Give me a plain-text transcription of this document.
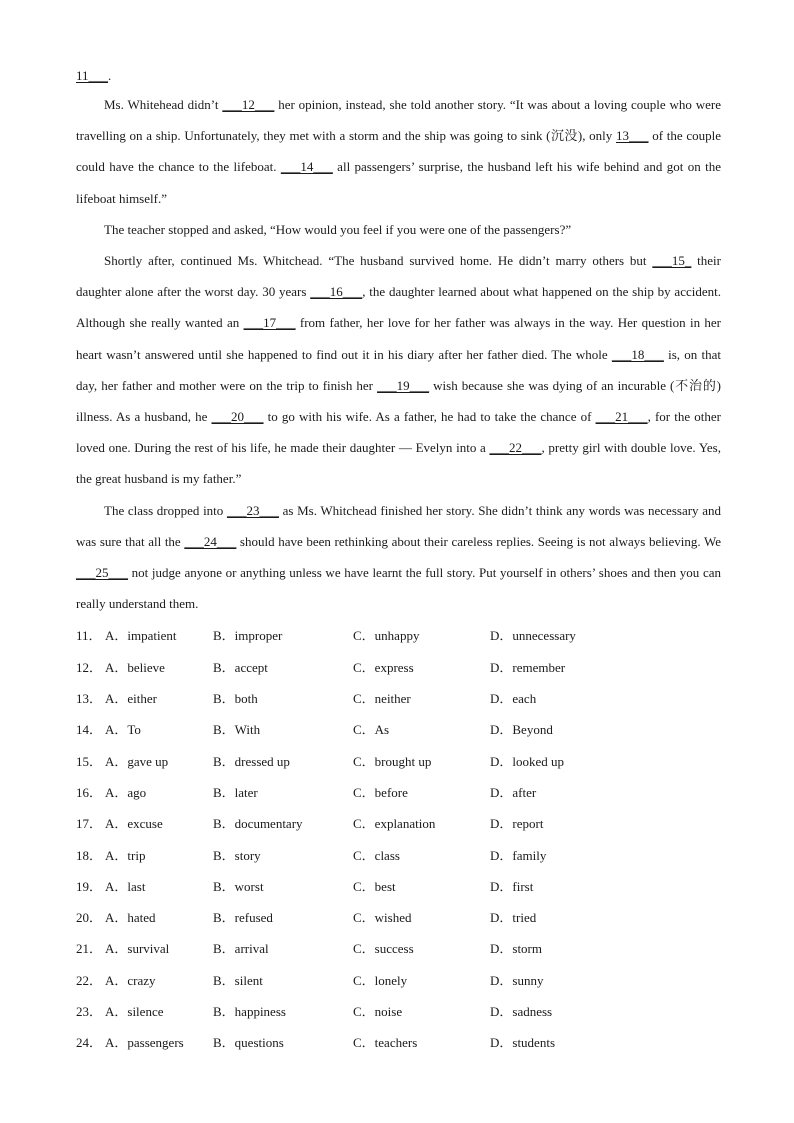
11___.

Ms. Whitehead didn’t ___12___ her opinion, instead, she told another story. “It was about a loving couple who were travelling on a ship. Unfortunately, they met with a storm and the ship was going to sink (沉没), only 13___ of the couple could have the chance to the lifeboat. ___14___ all passengers’ surprise, the husband left his wife behind and got on the lifeboat himself.”

The teacher stopped and asked, “How would you feel if you were one of the passengers?”

Shortly after, continued Ms. Whitchead. “The husband survived home. He didn’t marry others but ___15_ their daughter alone after the worst day. 30 years ___16___, the daughter learned about what happened on the ship by accident. Although she really wanted an ___17___ from father, her love for her father was always in the way. Her question in her heart wasn’t answered until she happened to find out it in his diary after her father died. The whole ___18___ is, on that day, her father and mother were on the trip to finish her ___19___ wish because she was dying of an incurable (不治的) illness. As a husband, he ___20___ to go with his wife. As a father, he had to take the chance of ___21___, for the other loved one. During the rest of his life, he made their daughter — Evelyn into a ___22___, pretty girl with double love. Yes, the great husband is my father.”

The class dropped into ___23___ as Ms. Whitchead finished her story. She didn’t think any words was necessary and was sure that all the ___24___ should have been rethinking about their careless replies. Seeing is not always believing. We ___25___ not judge anyone or anything unless we have learnt the full story. Put yourself in others’ shoes and then you can really understand them.

11． A．impatient	B．improper	C．unhappy	D．unnecessary
12． A．believe	B．accept	C．express	D．remember
13． A．either	B．both	C．neither	D．each
14． A．To	B．With	C．As	D．Beyond
15． A．gave up	B．dressed up	C．brought up	D．looked up
16． A．ago	B．later	C．before	D．after
17． A．excuse	B．documentary	C．explanation	D．report
18． A．trip	B．story	C．class	D．family
19． A．last	B．worst	C．best	D．first
20． A．hated	B．refused	C．wished	D．tried
21． A．survival	B．arrival	C．success	D．storm
22． A．crazy	B．silent	C．lonely	D．sunny
23． A．silence	B．happiness	C．noise	D．sadness
24． A．passengers B．questions	C．teachers	D．students
